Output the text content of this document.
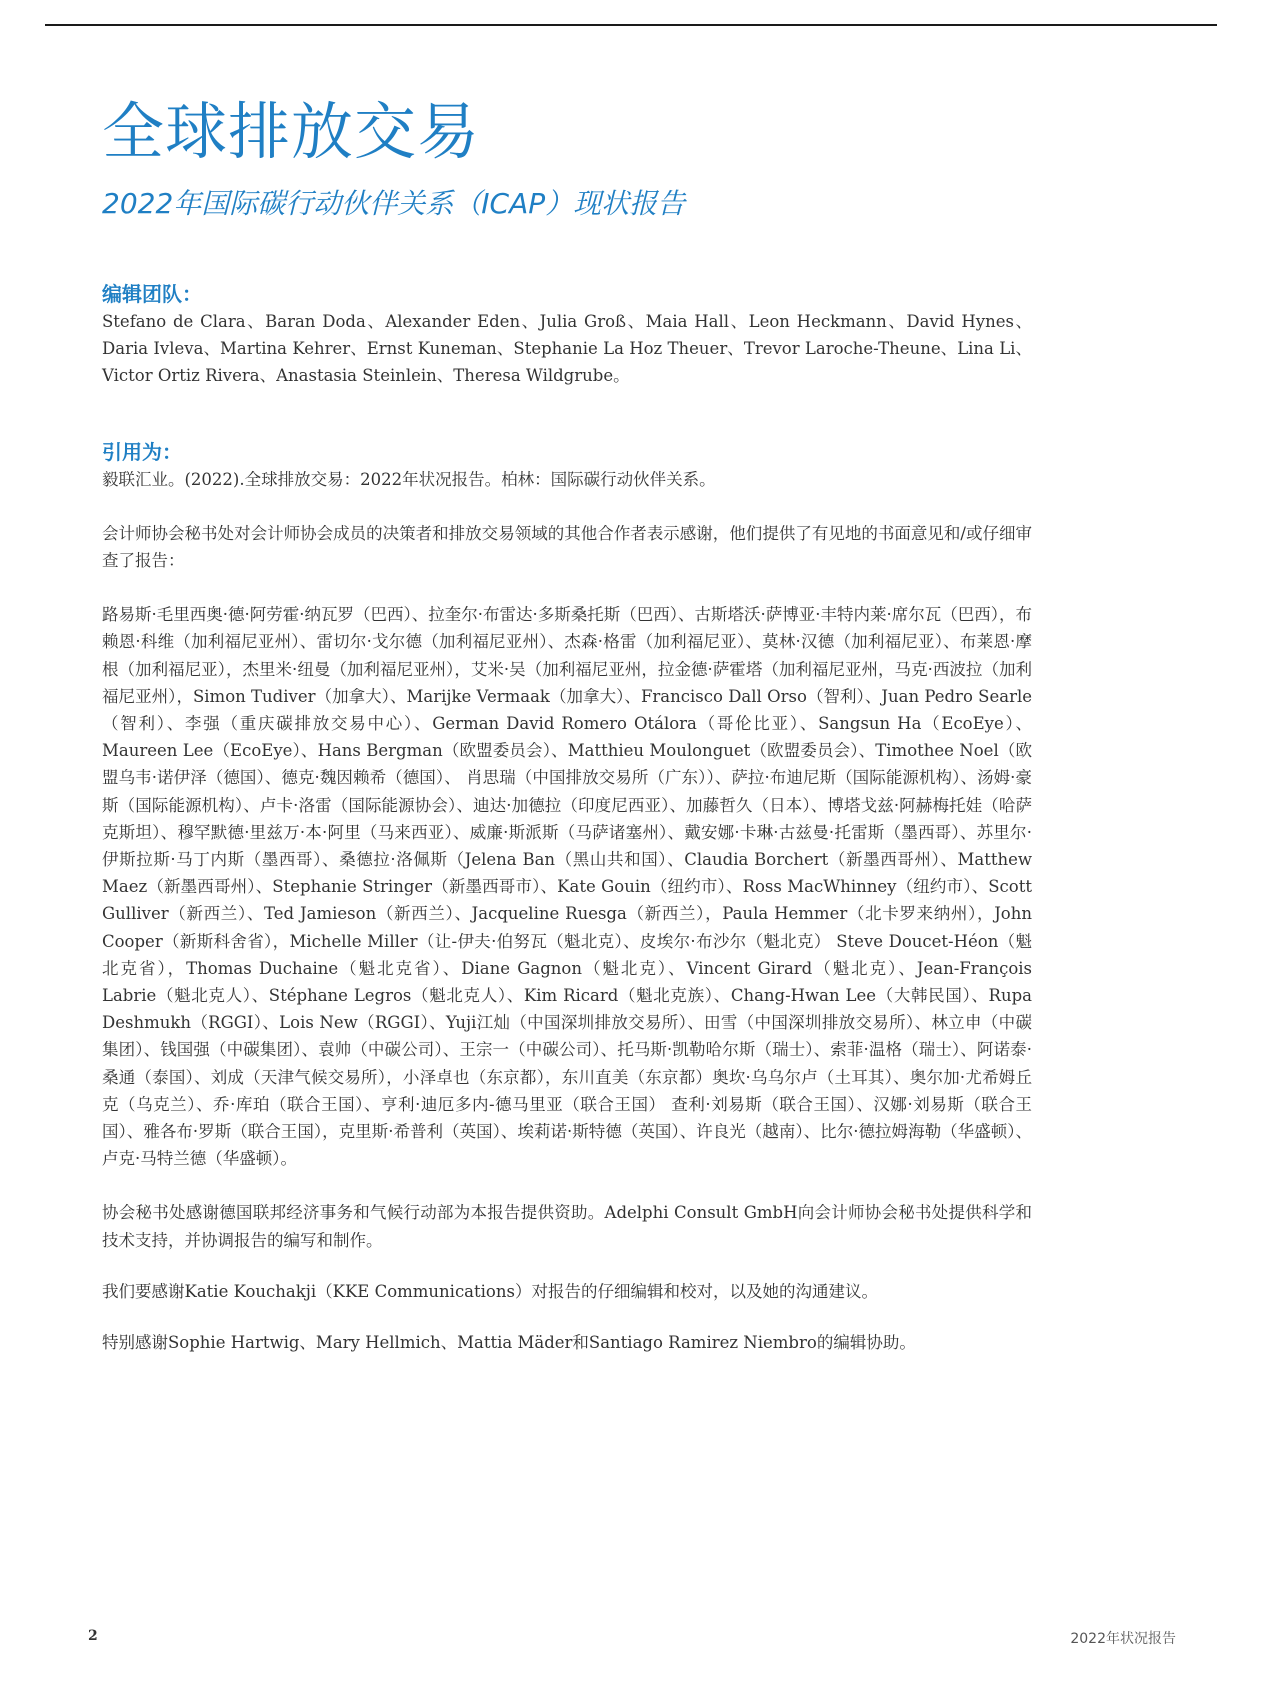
全球排放交易
2022年国际碳行动伙伴关系（ICAP）现状报告
编辑团队：

Stefano de Clara、Baran Doda、Alexander Eden、Julia Groß、Maia Hall、Leon Heckmann、David Hynes、Daria Ivleva、Martina Kehrer、Ernst Kuneman、Stephanie La Hoz Theuer、Trevor Laroche-Theune、Lina Li、Victor Ortiz Rivera、Anastasia Steinlein、Theresa Wildgrube。

引用为：

毅联汇业。(2022).全球排放交易：2022年状况报告。柏林：国际碳行动伙伴关系。

会计师协会秘书处对会计师协会成员的决策者和排放交易领域的其他合作者表示感谢，他们提供了有见地的书面意见和/或仔细审查了报告：

路易斯·毛里西奥·德·阿劳霍·纳瓦罗（巴西）、拉奎尔·布雷达·多斯桑托斯（巴西）、古斯塔沃·萨博亚·丰特内莱·席尔瓦（巴西），布赖恩·科维（加利福尼亚州）、雷切尔·戈尔德（加利福尼亚州）、杰森·格雷（加利福尼亚）、莫林·汉德（加利福尼亚）、布莱恩·摩根（加利福尼亚），杰里米·纽曼（加利福尼亚州），艾米·吴（加利福尼亚州，拉金德·萨霍塔（加利福尼亚州，马克·西波拉（加利福尼亚州），Simon Tudiver（加拿大）、Marijke Vermaak（加拿大）、Francisco Dall Orso（智利）、Juan Pedro Searle（智利）、李强（重庆碳排放交易中心）、German David Romero Otálora（哥伦比亚）、Sangsun Ha（EcoEye）、Maureen Lee（EcoEye）、Hans Bergman（欧盟委员会）、Matthieu Moulonguet（欧盟委员会）、Timothee Noel（欧盟乌韦·诺伊泽（德国）、德克·魏因赖希（德国）、 肖思瑞（中国排放交易所（广东））、萨拉·布迪尼斯（国际能源机构）、汤姆·豪斯（国际能源机构）、卢卡·洛雷（国际能源协会）、迪达·加德拉（印度尼西亚）、加藤哲久（日本）、博塔戈兹·阿赫梅托娃（哈萨克斯坦）、穆罕默德·里兹万·本·阿里（马来西亚）、威廉·斯派斯（马萨诸塞州）、戴安娜·卡琳·古兹曼·托雷斯（墨西哥）、苏里尔·伊斯拉斯·马丁内斯（墨西哥）、桑德拉·洛佩斯（Jelena Ban（黑山共和国）、Claudia Borchert（新墨西哥州）、Matthew Maez（新墨西哥州）、Stephanie Stringer（新墨西哥市）、Kate Gouin（纽约市）、Ross MacWhinney（纽约市）、Scott Gulliver（新西兰）、Ted Jamieson（新西兰）、Jacqueline Ruesga（新西兰），Paula Hemmer（北卡罗来纳州），John Cooper（新斯科舍省），Michelle Miller（让-伊夫·伯努瓦（魁北克）、皮埃尔·布沙尔（魁北克） Steve Doucet-Héon（魁北克省），Thomas Duchaine（魁北克省）、Diane Gagnon（魁北克）、Vincent Girard（魁北克）、Jean-François Labrie（魁北克人）、Stéphane Legros（魁北克人）、Kim Ricard（魁北克族）、Chang-Hwan Lee（大韩民国）、Rupa Deshmukh（RGGI）、Lois New（RGGI）、Yuji江灿（中国深圳排放交易所）、田雪（中国深圳排放交易所）、林立申（中碳集团）、钱国强（中碳集团）、袁帅（中碳公司）、王宗一（中碳公司）、托马斯·凯勒哈尔斯（瑞士）、索菲·温格（瑞士）、阿诺泰·桑通（泰国）、刘成（天津气候交易所），小泽卓也（东京都），东川直美（东京都）奥坎·乌乌尔卢（土耳其）、奥尔加·尤希姆丘克（乌克兰）、乔·库珀（联合王国）、亨利·迪厄多内-德马里亚（联合王国） 查利·刘易斯（联合王国）、汉娜·刘易斯（联合王国）、雅各布·罗斯（联合王国），克里斯·希普利（英国）、埃莉诺·斯特德（英国）、许良光（越南）、比尔·德拉姆海勒（华盛顿）、卢克·马特兰德（华盛顿）。

协会秘书处感谢德国联邦经济事务和气候行动部为本报告提供资助。Adelphi Consult GmbH向会计师协会秘书处提供科学和技术支持，并协调报告的编写和制作。

我们要感谢Katie Kouchakji（KKE Communications）对报告的仔细编辑和校对，以及她的沟通建议。

特别感谢Sophie Hartwig、Mary Hellmich、Mattia Mäder和Santiago Ramirez Niembro的编辑协助。

2	2022年状况报告
